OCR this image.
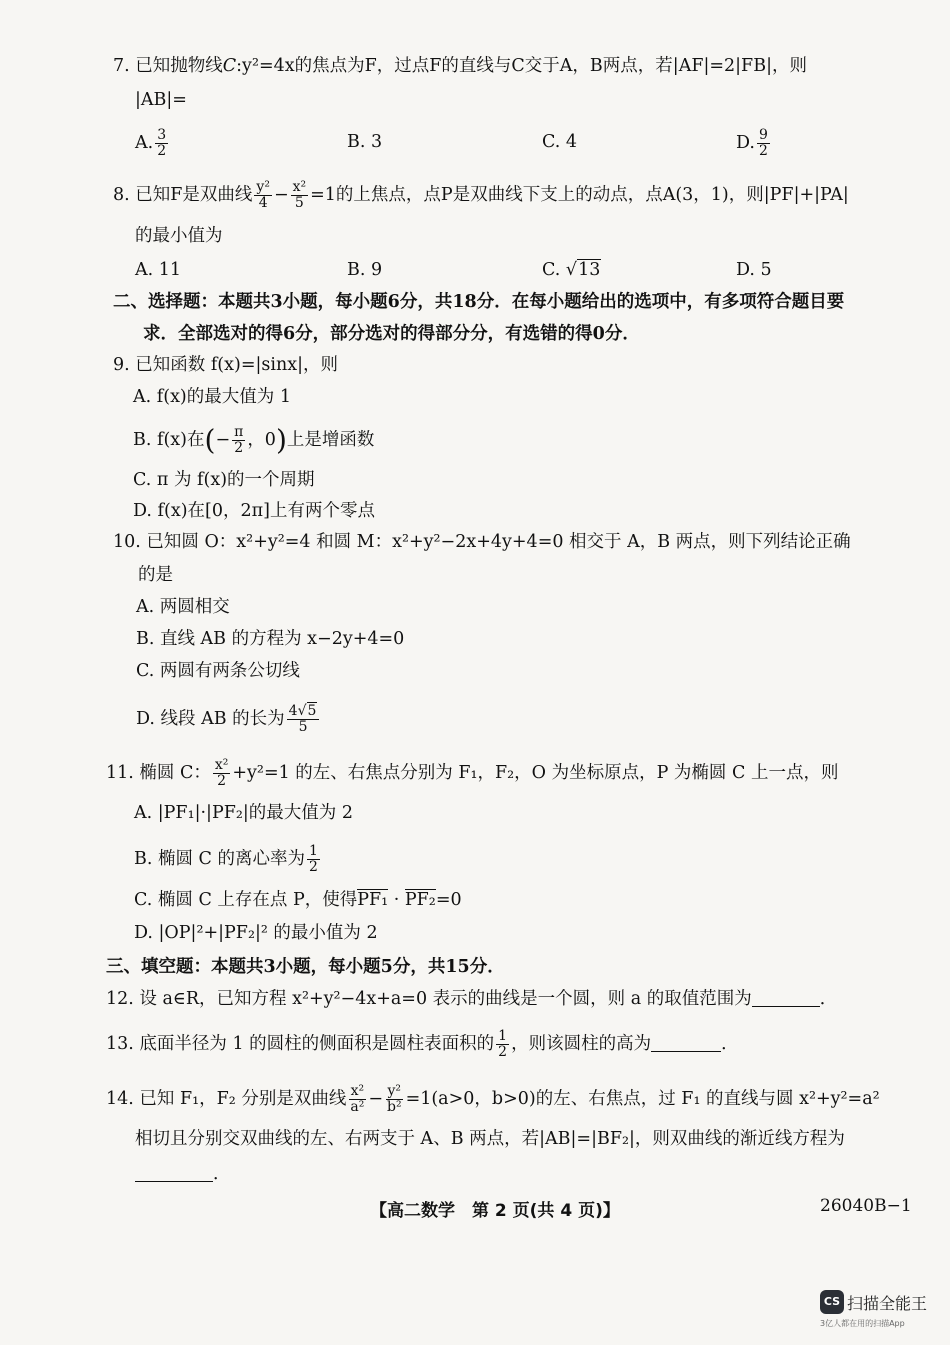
7. 已知抛物线C:y²=4x的焦点为F，过点F的直线与C交于A，B两点，若|AF|=2|FB|，则
|AB|=
A. $\frac{3}{2}$	B. 3	C. 4	D. $\frac{9}{2}$
8. 已知F是双曲线 $\frac{\text{y²}}{4} - \frac{\text{x²}}{5} =1$的上焦点，点P是双曲线下支上的动点，点A(3，1)，则|PF|+|PA|
的最小值为
A. 11	B. 9	C. √13	D. 5
二、选择题：本题共3小题，每小题6分，共18分．在每小题给出的选项中，有多项符合题目要
求．全部选对的得6分，部分选对的得部分分，有选错的得0分．
9. 已知函数 f(x)=|sinx|，则
A. f(x)的最大值为 1
B. f(x)在(− $\frac{\pi}{2}$ ，0)上是增函数
C. π 为 f(x)的一个周期
D. f(x)在[0，2π]上有两个零点
10. 已知圆 O：x²+y²=4 和圆 M：x²+y²−2x+4y+4=0 相交于 A，B 两点，则下列结论正确
的是
A. 两圆相交
B. 直线 AB 的方程为 x−2y+4=0
C. 两圆有两条公切线
D. 线段 AB 的长为 $\frac{4√5}{5}$
11. 椭圆 C： $\frac{\text{x²}}{2} +y^2=1$ 的左、右焦点分别为 F₁，F₂，O 为坐标原点，P 为椭圆 C 上一点，则
A. |PF₁|·|PF₂|的最大值为 2
B. 椭圆 C 的离心率为 $\frac{1}{2}$
C. 椭圆 C 上存在点 P，使得PF₁ · PF₂=0
D. |OP|²+|PF₂|² 的最小值为 2
三、填空题：本题共3小题，每小题5分，共15分．
12. 设 a∈R，已知方程 x²+y²−4x+a=0 表示的曲线是一个圆，则 a 的取值范围为	．
13. 底面半径为 1 的圆柱的侧面积是圆柱表面积的 $\frac{1}{2}$ ，则该圆柱的高为	．
14. 已知 F₁，F₂ 分别是双曲线 $\frac{\text{x²}}{\text{a²}} - \frac{\text{y²}}{\text{b²}} =1(a>0$，b>0)的左、右焦点，过 F₁ 的直线与圆 x²+y²=a²
相切且分别交双曲线的左、右两支于 A、B 两点，若|AB|=|BF₂|，则双曲线的渐近线方程为
．
【高二数学　第 2 页(共 4 页)】	26040B−1
CS 扫描全能王
3亿人都在用的扫描App
